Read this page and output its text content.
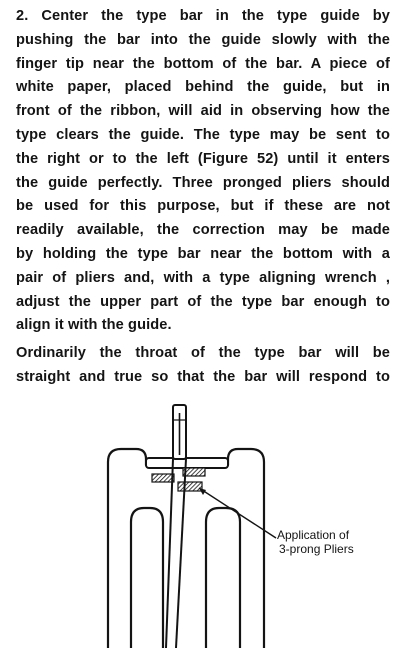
2. Center the type bar in the type guide by
pushing the bar into the guide slowly with the
finger tip near the bottom of the bar. A piece of
white paper, placed behind the guide, but in
front of the ribbon, will aid in observing how the
type clears the guide. The type may be sent to
the right or to the left (Figure 52) until it enters
the guide perfectly. Three pronged pliers should
be used for this purpose, but if these are not
readily available, the correction may be made
by holding the type bar near the bottom with a
pair of pliers and, with a type aligning wrench ,
adjust the upper part of the type bar enough to
align it with the guide.
Ordinarily the throat of the type bar will be
straight and true so that the bar will respond to
Application of
3-prong Pliers
